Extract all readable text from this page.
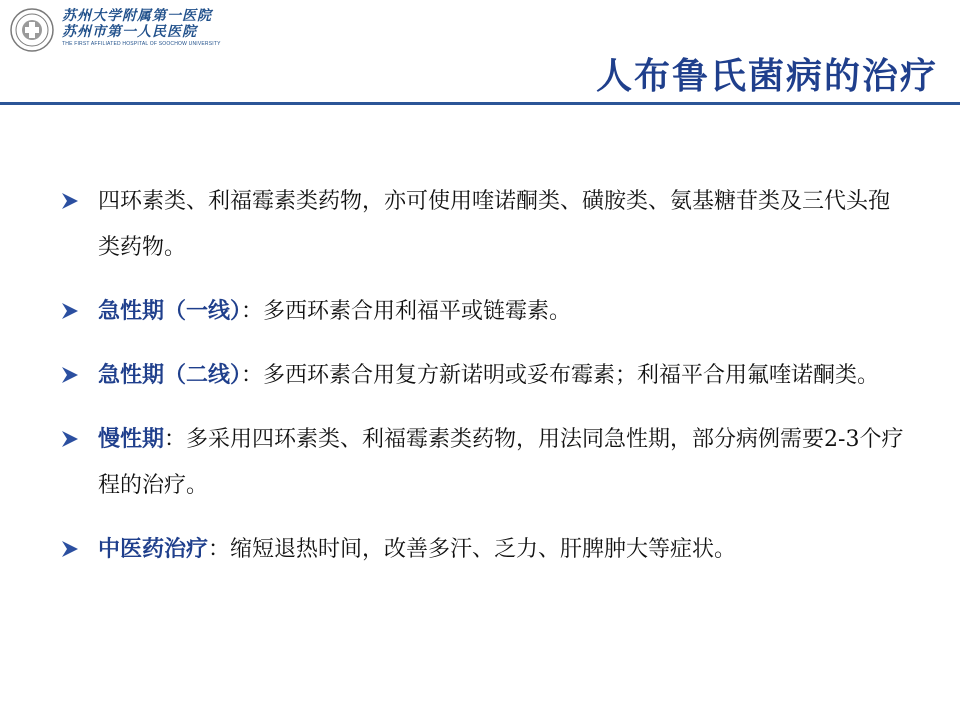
苏州大学附属第一医院
苏州市第一人民医院
THE FIRST AFFILIATED HOSPITAL OF SOOCHOW UNIVERSITY
人布鲁氏菌病的治疗
四环素类、利福霉素类药物，亦可使用喹诺酮类、磺胺类、氨基糖苷类及三代头孢类药物。
急性期（一线）：多西环素合用利福平或链霉素。
急性期（二线）：多西环素合用复方新诺明或妥布霉素；利福平合用氟喹诺酮类。
慢性期：多采用四环素类、利福霉素类药物，用法同急性期，部分病例需要2-3个疗程的治疗。
中医药治疗：缩短退热时间，改善多汗、乏力、肝脾肿大等症状。
